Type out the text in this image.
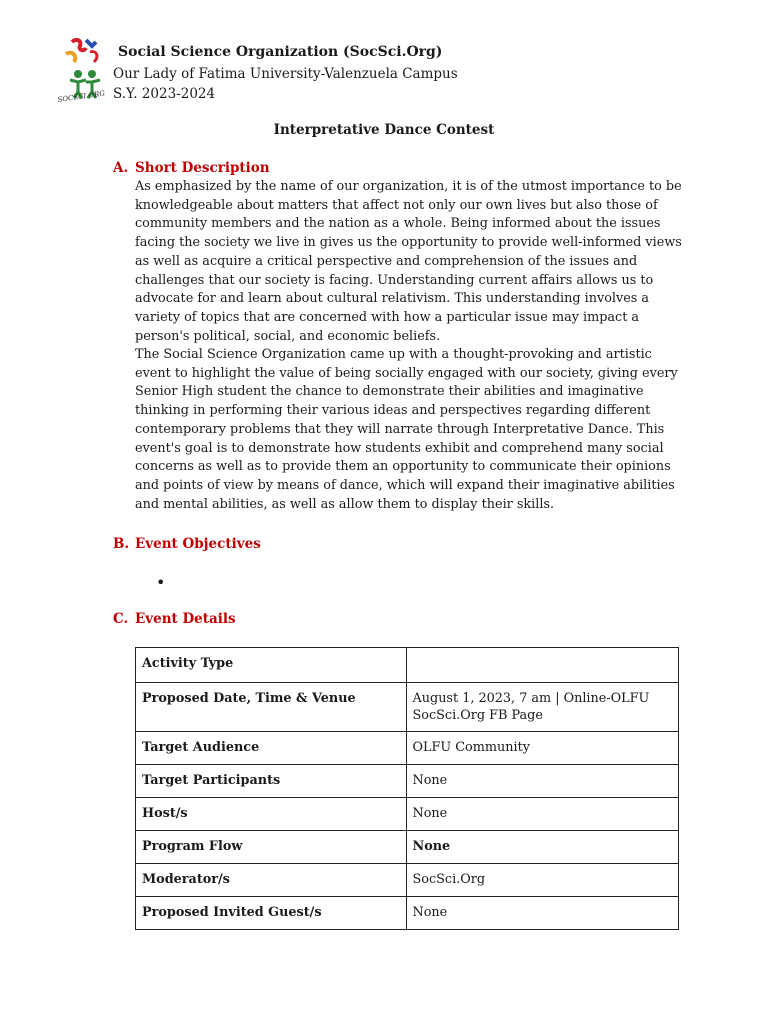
SOCSCI.ORG
Social Science Organization (SocSci.Org)
Our Lady of Fatima University-Valenzuela Campus
S.Y. 2023-2024
Interpretative Dance Contest
A. Short Description

As emphasized by the name of our organization, it is of the utmost importance to be knowledgeable about matters that affect not only our own lives but also those of community members and the nation as a whole. Being informed about the issues facing the society we live in gives us the opportunity to provide well-informed views as well as acquire a critical perspective and comprehension of the issues and challenges that our society is facing. Understanding current affairs allows us to advocate for and learn about cultural relativism. This understanding involves a variety of topics that are concerned with how a particular issue may impact a person's political, social, and economic beliefs.

The Social Science Organization came up with a thought-provoking and artistic event to highlight the value of being socially engaged with our society, giving every Senior High student the chance to demonstrate their abilities and imaginative thinking in performing their various ideas and perspectives regarding different contemporary problems that they will narrate through Interpretative Dance. This event's goal is to demonstrate how students exhibit and comprehend many social concerns as well as to provide them an opportunity to communicate their opinions and points of view by means of dance, which will expand their imaginative abilities and mental abilities, as well as allow them to display their skills.

B. Event Objectives
•
C. Event Details
Activity Type	
Proposed Date, Time & Venue	August 1, 2023, 7 am | Online-OLFU SocSci.Org FB Page
Target Audience	OLFU Community
Target Participants	None
Host/s	None
Program Flow	None
Moderator/s	SocSci.Org
Proposed Invited Guest/s	None
